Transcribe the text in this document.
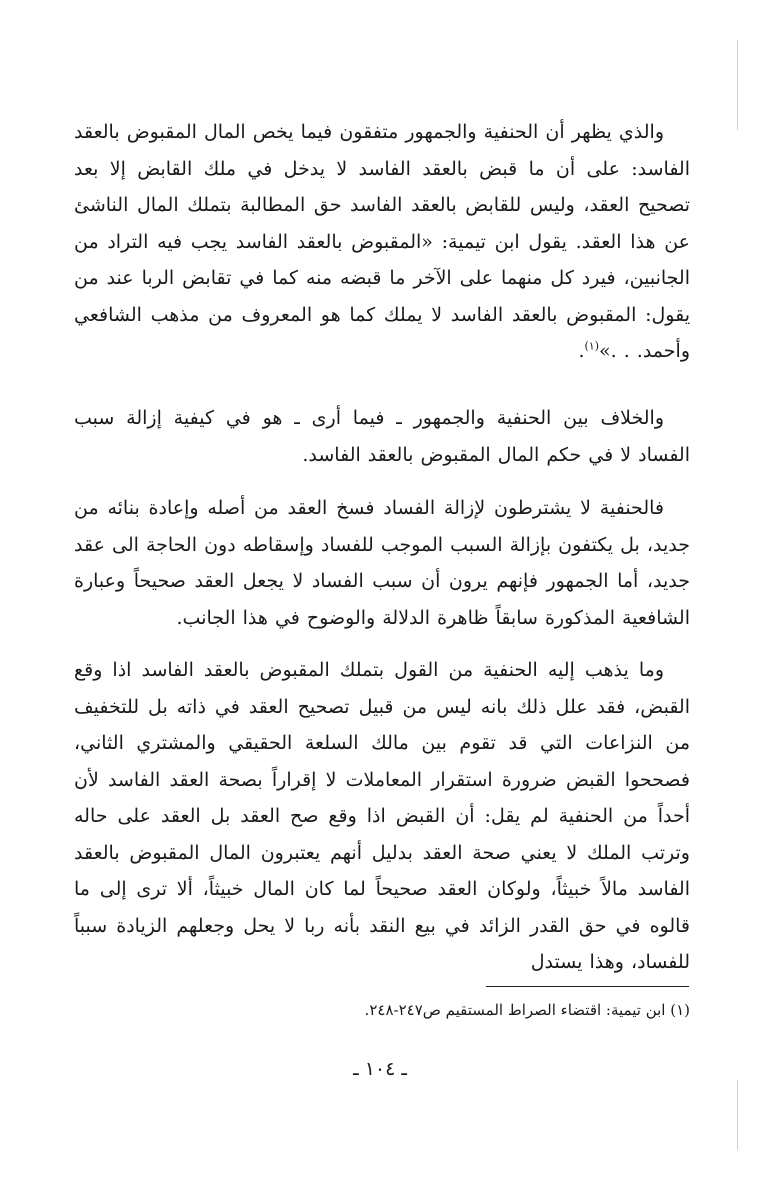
والذي يظهر أن الحنفية والجمهور متفقون فيما يخص المال المقبوض بالعقد الفاسد: على أن ما قبض بالعقد الفاسد لا يدخل في ملك القابض إلا بعد تصحيح العقد، وليس للقابض بالعقد الفاسد حق المطالبة بتملك المال الناشئ عن هذا العقد. يقول ابن تيمية: «المقبوض بالعقد الفاسد يجب فيه التراد من الجانبين، فيرد كل منهما على الآخر ما قبضه منه كما في تقابض الربا عند من يقول: المقبوض بالعقد الفاسد لا يملك كما هو المعروف من مذهب الشافعي وأحمد. . .»$^{(١)}$.
والخلاف بين الحنفية والجمهور ـ فيما أرى ـ هو في كيفية إزالة سبب الفساد لا في حكم المال المقبوض بالعقد الفاسد.
فالحنفية لا يشترطون لإزالة الفساد فسخ العقد من أصله وإعادة بنائه من جديد، بل يكتفون بإزالة السبب الموجب للفساد وإسقاطه دون الحاجة الى عقد جديد، أما الجمهور فإنهم يرون أن سبب الفساد لا يجعل العقد صحيحاً وعبارة الشافعية المذكورة سابقاً ظاهرة الدلالة والوضوح في هذا الجانب.
وما يذهب إليه الحنفية من القول بتملك المقبوض بالعقد الفاسد اذا وقع القبض، فقد علل ذلك بانه ليس من قبيل تصحيح العقد في ذاته بل للتخفيف من النزاعات التي قد تقوم بين مالك السلعة الحقيقي والمشتري الثاني، فصححوا القبض ضرورة استقرار المعاملات لا إقراراً بصحة العقد الفاسد لأن أحداً من الحنفية لم يقل: أن القبض اذا وقع صح العقد بل العقد على حاله وترتب الملك لا يعني صحة العقد بدليل أنهم يعتبرون المال المقبوض بالعقد الفاسد مالاً خبيثاً، ولوكان العقد صحيحاً لما كان المال خبيثاً، ألا ترى إلى ما قالوه في حق القدر الزائد في بيع النقد بأنه ربا لا يحل وجعلهم الزيادة سبباً للفساد، وهذا يستدل
(١) ابن تيمية: اقتضاء الصراط المستقيم ص٢٤٧-٢٤٨.
ـ ١٠٤ ـ
